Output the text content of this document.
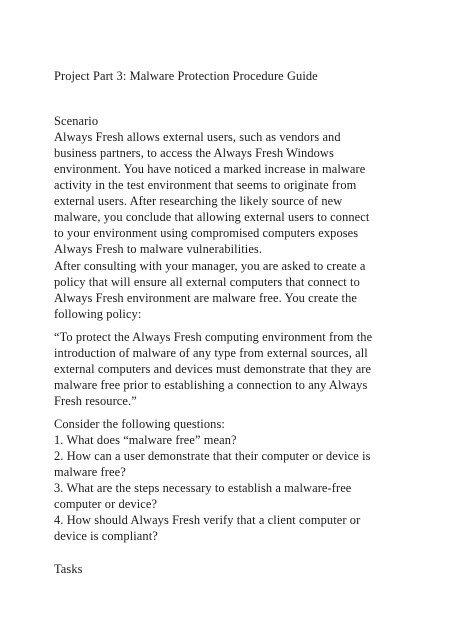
Project Part 3: Malware Protection Procedure Guide
Scenario
Always Fresh allows external users, such as vendors and
business partners, to access the Always Fresh Windows
environment. You have noticed a marked increase in malware
activity in the test environment that seems to originate from
external users. After researching the likely source of new
malware, you conclude that allowing external users to connect
to your environment using compromised computers exposes
Always Fresh to malware vulnerabilities.
After consulting with your manager, you are asked to create a
policy that will ensure all external computers that connect to
Always Fresh environment are malware free. You create the
following policy:
“To protect the Always Fresh computing environment from the
introduction of malware of any type from external sources, all
external computers and devices must demonstrate that they are
malware free prior to establishing a connection to any Always
Fresh resource.”
Consider the following questions:
1. What does “malware free” mean?
2. How can a user demonstrate that their computer or device is
malware free?
3. What are the steps necessary to establish a malware-free
computer or device?
4. How should Always Fresh verify that a client computer or
device is compliant?
Tasks
